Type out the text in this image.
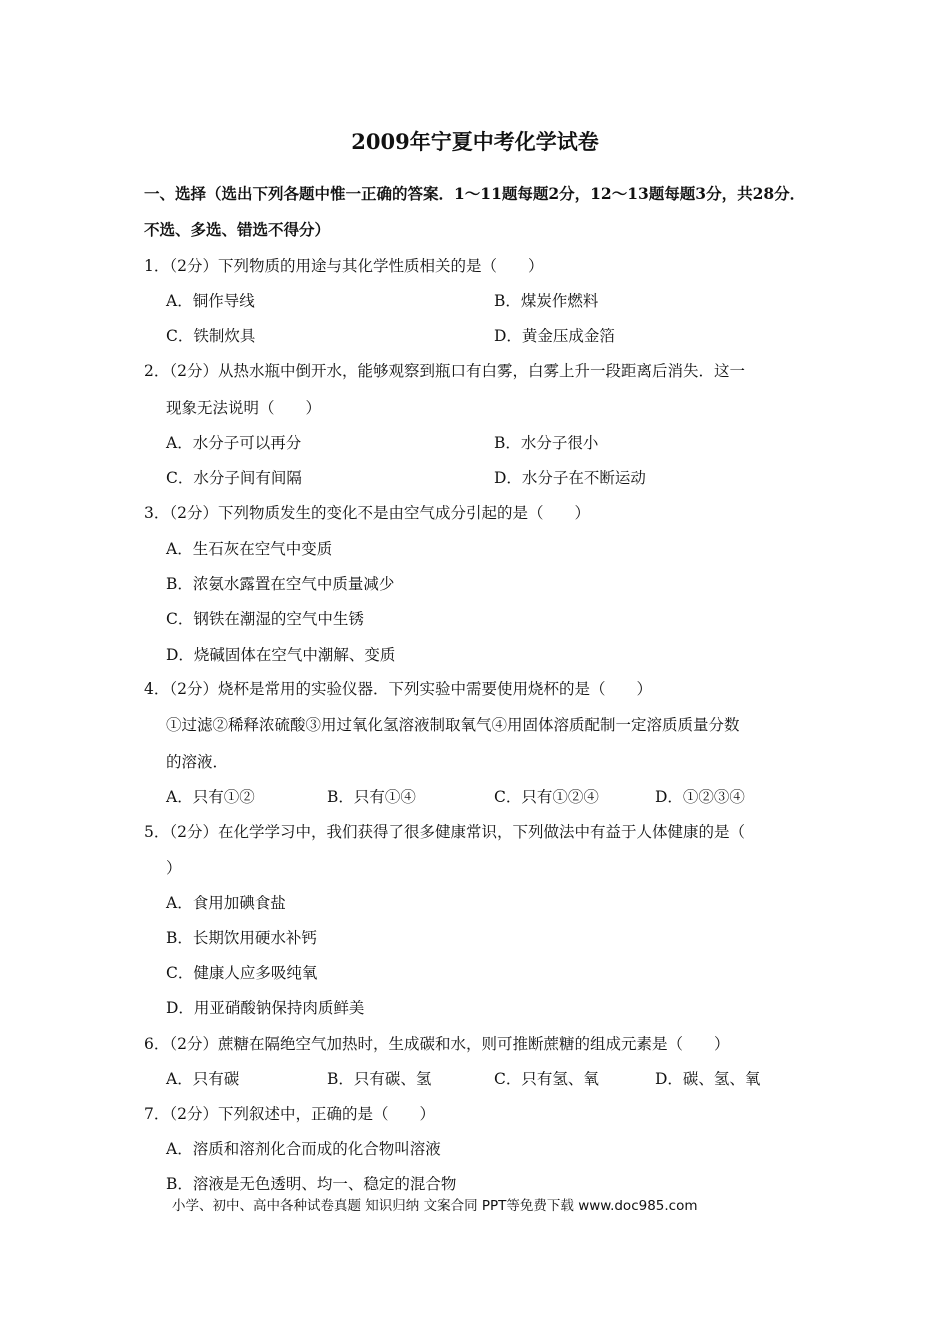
2009年宁夏中考化学试卷
一、选择（选出下列各题中惟一正确的答案．1～11题每题2分，12～13题每题3分，共28分．不选、多选、错选不得分）
1．（2分）下列物质的用途与其化学性质相关的是（　　）
A．铜作导线	B．煤炭作燃料
C．铁制炊具	D．黄金压成金箔
2．（2分）从热水瓶中倒开水，能够观察到瓶口有白雾，白雾上升一段距离后消失．这一
现象无法说明（　　）
A．水分子可以再分	B．水分子很小
C．水分子间有间隔	D．水分子在不断运动
3．（2分）下列物质发生的变化不是由空气成分引起的是（　　）
A．生石灰在空气中变质
B．浓氨水露置在空气中质量减少
C．钢铁在潮湿的空气中生锈
D．烧碱固体在空气中潮解、变质
4．（2分）烧杯是常用的实验仪器．下列实验中需要使用烧杯的是（　　）
①过滤②稀释浓硫酸③用过氧化氢溶液制取氧气④用固体溶质配制一定溶质质量分数
的溶液．
A．只有①②	B．只有①④	C．只有①②④	D．①②③④
5．（2分）在化学学习中，我们获得了很多健康常识，下列做法中有益于人体健康的是（
）
A．食用加碘食盐
B．长期饮用硬水补钙
C．健康人应多吸纯氧
D．用亚硝酸钠保持肉质鲜美
6．（2分）蔗糖在隔绝空气加热时，生成碳和水，则可推断蔗糖的组成元素是（　　）
A．只有碳	B．只有碳、氢	C．只有氢、氧	D．碳、氢、氧
7．（2分）下列叙述中，正确的是（　　）
A．溶质和溶剂化合而成的化合物叫溶液
B．溶液是无色透明、均一、稳定的混合物
小学、初中、高中各种试卷真题 知识归纳 文案合同 PPT等免费下载 www.doc985.com
